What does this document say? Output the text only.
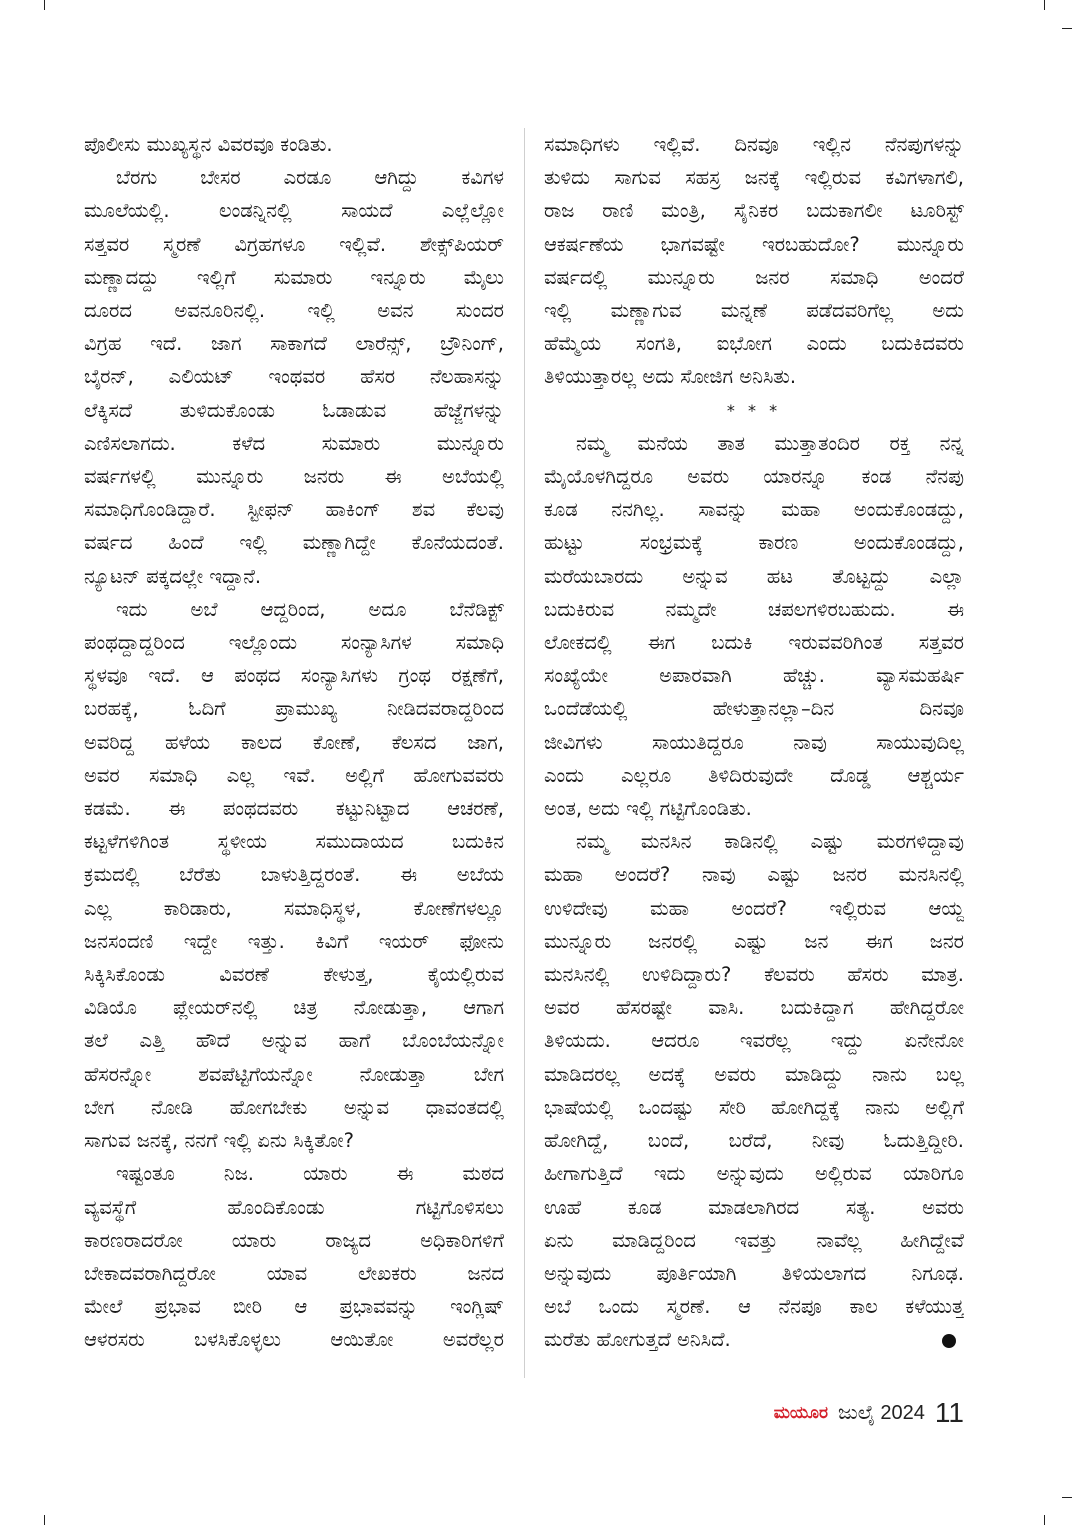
ಪೊಲೀಸು ಮುಖ್ಯಸ್ಥನ ವಿವರವೂ ಕಂಡಿತು.
ಬೆರಗು ಬೇಸರ ಎರಡೂ ಆಗಿದ್ದು ಕವಿಗಳ
ಮೂಲೆಯಲ್ಲಿ. ಲಂಡನ್ನಿನಲ್ಲಿ ಸಾಯದೆ ಎಲ್ಲೆಲ್ಲೋ
ಸತ್ತವರ ಸ್ಮರಣೆ ವಿಗ್ರಹಗಳೂ ಇಲ್ಲಿವೆ. ಶೇಕ್ಸ್‌ಪಿಯರ್
ಮಣ್ಣಾದದ್ದು ಇಲ್ಲಿಗೆ ಸುಮಾರು ಇನ್ನೂರು ಮೈಲು
ದೂರದ ಅವನೂರಿನಲ್ಲಿ. ಇಲ್ಲಿ ಅವನ ಸುಂದರ
ವಿಗ್ರಹ ಇದೆ. ಜಾಗ ಸಾಕಾಗದೆ ಲಾರೆನ್ಸ್, ಬ್ರೌನಿಂಗ್,
ಬೈರನ್, ಎಲಿಯಟ್ ಇಂಥವರ ಹೆಸರ ನೆಲಹಾಸನ್ನು
ಲೆಕ್ಕಿಸದೆ ತುಳಿದುಕೊಂಡು ಓಡಾಡುವ ಹೆಜ್ಜೆಗಳನ್ನು
ಎಣಿಸಲಾಗದು. ಕಳೆದ ಸುಮಾರು ಮುನ್ನೂರು
ವರ್ಷಗಳಲ್ಲಿ ಮುನ್ನೂರು ಜನರು ಈ ಅಬೆಯಲ್ಲಿ
ಸಮಾಧಿಗೊಂಡಿದ್ದಾರೆ. ಸ್ಟೀಫನ್ ಹಾಕಿಂಗ್ ಶವ ಕೆಲವು
ವರ್ಷದ ಹಿಂದೆ ಇಲ್ಲಿ ಮಣ್ಣಾಗಿದ್ದೇ ಕೊನೆಯದಂತೆ.
ನ್ಯೂಟನ್ ಪಕ್ಕದಲ್ಲೇ ಇದ್ದಾನೆ.
ಇದು ಅಬೆ ಆದ್ದರಿಂದ, ಅದೂ ಬೆನೆಡಿಕ್ಟ್
ಪಂಥದ್ದಾದ್ದರಿಂದ ಇಲ್ಲೊಂದು ಸಂನ್ಯಾಸಿಗಳ ಸಮಾಧಿ
ಸ್ಥಳವೂ ಇದೆ. ಆ ಪಂಥದ ಸಂನ್ಯಾಸಿಗಳು ಗ್ರಂಥ ರಕ್ಷಣೆಗೆ,
ಬರಹಕ್ಕೆ, ಓದಿಗೆ ಪ್ರಾಮುಖ್ಯ ನೀಡಿದವರಾದ್ದರಿಂದ
ಅವರಿದ್ದ ಹಳೆಯ ಕಾಲದ ಕೋಣೆ, ಕೆಲಸದ ಜಾಗ,
ಅವರ ಸಮಾಧಿ ಎಲ್ಲ ಇವೆ. ಅಲ್ಲಿಗೆ ಹೋಗುವವರು
ಕಡಮೆ. ಈ ಪಂಥದವರು ಕಟ್ಟುನಿಟ್ಟಾದ ಆಚರಣೆ,
ಕಟ್ಟಳೆಗಳಿಗಿಂತ ಸ್ಥಳೀಯ ಸಮುದಾಯದ ಬದುಕಿನ
ಕ್ರಮದಲ್ಲಿ ಬೆರೆತು ಬಾಳುತ್ತಿದ್ದರಂತೆ. ಈ ಅಬೆಯ
ಎಲ್ಲ ಕಾರಿಡಾರು, ಸಮಾಧಿಸ್ಥಳ, ಕೋಣೆಗಳಲ್ಲೂ
ಜನಸಂದಣಿ ಇದ್ದೇ ಇತ್ತು. ಕಿವಿಗೆ ಇಯರ್ ಫೋನು
ಸಿಕ್ಕಿಸಿಕೊಂಡು ವಿವರಣೆ ಕೇಳುತ್ತ, ಕೈಯಲ್ಲಿರುವ
ವಿಡಿಯೊ ಪ್ಲೇಯರ್‌ನಲ್ಲಿ ಚಿತ್ರ ನೋಡುತ್ತಾ, ಆಗಾಗ
ತಲೆ ಎತ್ತಿ ಹೌದೆ ಅನ್ನುವ ಹಾಗೆ ಬೊಂಬೆಯನ್ನೋ
ಹೆಸರನ್ನೋ ಶವಪೆಟ್ಟಿಗೆಯನ್ನೋ ನೋಡುತ್ತಾ ಬೇಗ
ಬೇಗ ನೋಡಿ ಹೋಗಬೇಕು ಅನ್ನುವ ಧಾವಂತದಲ್ಲಿ
ಸಾಗುವ ಜನಕ್ಕೆ, ನನಗೆ ಇಲ್ಲಿ ಏನು ಸಿಕ್ಕಿತೋ?
ಇಷ್ಟಂತೂ ನಿಜ. ಯಾರು ಈ ಮಠದ
ವ್ಯವಸ್ಥೆಗೆ ಹೊಂದಿಕೊಂಡು ಗಟ್ಟಿಗೊಳಿಸಲು
ಕಾರಣರಾದರೋ ಯಾರು ರಾಜ್ಯದ ಅಧಿಕಾರಿಗಳಿಗೆ
ಬೇಕಾದವರಾಗಿದ್ದರೋ ಯಾವ ಲೇಖಕರು ಜನದ
ಮೇಲೆ ಪ್ರಭಾವ ಬೀರಿ ಆ ಪ್ರಭಾವವನ್ನು ಇಂಗ್ಲಿಷ್
ಆಳರಸರು ಬಳಸಿಕೊಳ್ಳಲು ಆಯಿತೋ ಅವರೆಲ್ಲರ
ಸಮಾಧಿಗಳು ಇಲ್ಲಿವೆ. ದಿನವೂ ಇಲ್ಲಿನ ನೆನಪುಗಳನ್ನು
ತುಳಿದು ಸಾಗುವ ಸಹಸ್ರ ಜನಕ್ಕೆ ಇಲ್ಲಿರುವ ಕವಿಗಳಾಗಲಿ,
ರಾಜ ರಾಣಿ ಮಂತ್ರಿ, ಸೈನಿಕರ ಬದುಕಾಗಲೀ ಟೂರಿಸ್ಟ್
ಆಕರ್ಷಣೆಯ ಭಾಗವಷ್ಟೇ ಇರಬಹುದೋ? ಮುನ್ನೂರು
ವರ್ಷದಲ್ಲಿ ಮುನ್ನೂರು ಜನರ ಸಮಾಧಿ ಅಂದರೆ
ಇಲ್ಲಿ ಮಣ್ಣಾಗುವ ಮನ್ನಣೆ ಪಡೆದವರಿಗೆಲ್ಲ ಅದು
ಹೆಮ್ಮೆಯ ಸಂಗತಿ, ಐಭೋಗ ಎಂದು ಬದುಕಿದವರು
ತಿಳಿಯುತ್ತಾರಲ್ಲ ಅದು ಸೋಜಿಗ ಅನಿಸಿತು.
* * *
ನಮ್ಮ ಮನೆಯ ತಾತ ಮುತ್ತಾತಂದಿರ ರಕ್ತ ನನ್ನ
ಮೈಯೊಳಗಿದ್ದರೂ ಅವರು ಯಾರನ್ನೂ ಕಂಡ ನೆನಪು
ಕೂಡ ನನಗಿಲ್ಲ. ಸಾವನ್ನು ಮಹಾ ಅಂದುಕೊಂಡದ್ದು,
ಹುಟ್ಟು ಸಂಭ್ರಮಕ್ಕೆ ಕಾರಣ ಅಂದುಕೊಂಡದ್ದು,
ಮರೆಯಬಾರದು ಅನ್ನುವ ಹಟ ತೊಟ್ಟದ್ದು ಎಲ್ಲಾ
ಬದುಕಿರುವ ನಮ್ಮದೇ ಚಪಲಗಳಿರಬಹುದು. ಈ
ಲೋಕದಲ್ಲಿ ಈಗ ಬದುಕಿ ಇರುವವರಿಗಿಂತ ಸತ್ತವರ
ಸಂಖ್ಯೆಯೇ ಅಪಾರವಾಗಿ ಹೆಚ್ಚು. ವ್ಯಾಸಮಹರ್ಷಿ
ಒಂದೆಡೆಯಲ್ಲಿ ಹೇಳುತ್ತಾನಲ್ಲಾ–ದಿನ ದಿನವೂ
ಜೀವಿಗಳು ಸಾಯುತಿದ್ದರೂ ನಾವು ಸಾಯುವುದಿಲ್ಲ
ಎಂದು ಎಲ್ಲರೂ ತಿಳಿದಿರುವುದೇ ದೊಡ್ಡ ಆಶ್ಚರ್ಯ
ಅಂತ, ಅದು ಇಲ್ಲಿ ಗಟ್ಟಿಗೊಂಡಿತು.
ನಮ್ಮ ಮನಸಿನ ಕಾಡಿನಲ್ಲಿ ಎಷ್ಟು ಮರಗಳಿದ್ದಾವು
ಮಹಾ ಅಂದರೆ? ನಾವು ಎಷ್ಟು ಜನರ ಮನಸಿನಲ್ಲಿ
ಉಳಿದೇವು ಮಹಾ ಅಂದರೆ? ಇಲ್ಲಿರುವ ಆಯ್ದ
ಮುನ್ನೂರು ಜನರಲ್ಲಿ ಎಷ್ಟು ಜನ ಈಗ ಜನರ
ಮನಸಿನಲ್ಲಿ ಉಳಿದಿದ್ದಾರು? ಕೆಲವರು ಹೆಸರು ಮಾತ್ರ.
ಅವರ ಹೆಸರಷ್ಟೇ ವಾಸಿ. ಬದುಕಿದ್ದಾಗ ಹೇಗಿದ್ದರೋ
ತಿಳಿಯದು. ಆದರೂ ಇವರೆಲ್ಲ ಇದ್ದು ಏನೇನೋ
ಮಾಡಿದರಲ್ಲ ಅದಕ್ಕೆ ಅವರು ಮಾಡಿದ್ದು ನಾನು ಬಲ್ಲ
ಭಾಷೆಯಲ್ಲಿ ಒಂದಷ್ಟು ಸೇರಿ ಹೋಗಿದ್ದಕ್ಕೆ ನಾನು ಅಲ್ಲಿಗೆ
ಹೋಗಿದ್ದೆ, ಬಂದೆ, ಬರೆದೆ, ನೀವು ಓದುತ್ತಿದ್ದೀರಿ.
ಹೀಗಾಗುತ್ತಿದೆ ಇದು ಅನ್ನುವುದು ಅಲ್ಲಿರುವ ಯಾರಿಗೂ
ಊಹೆ ಕೂಡ ಮಾಡಲಾಗಿರದ ಸತ್ಯ. ಅವರು
ಏನು ಮಾಡಿದ್ದರಿಂದ ಇವತ್ತು ನಾವೆಲ್ಲ ಹೀಗಿದ್ದೇವೆ
ಅನ್ನುವುದು ಪೂರ್ತಿಯಾಗಿ ತಿಳಿಯಲಾಗದ ನಿಗೂಢ.
ಅಬೆ ಒಂದು ಸ್ಮರಣೆ. ಆ ನೆನಪೂ ಕಾಲ ಕಳೆಯುತ್ತ
ಮರೆತು ಹೋಗುತ್ತದೆ ಅನಿಸಿದೆ.
ಮಯೂರ ಜುಲೈ 2024 11
